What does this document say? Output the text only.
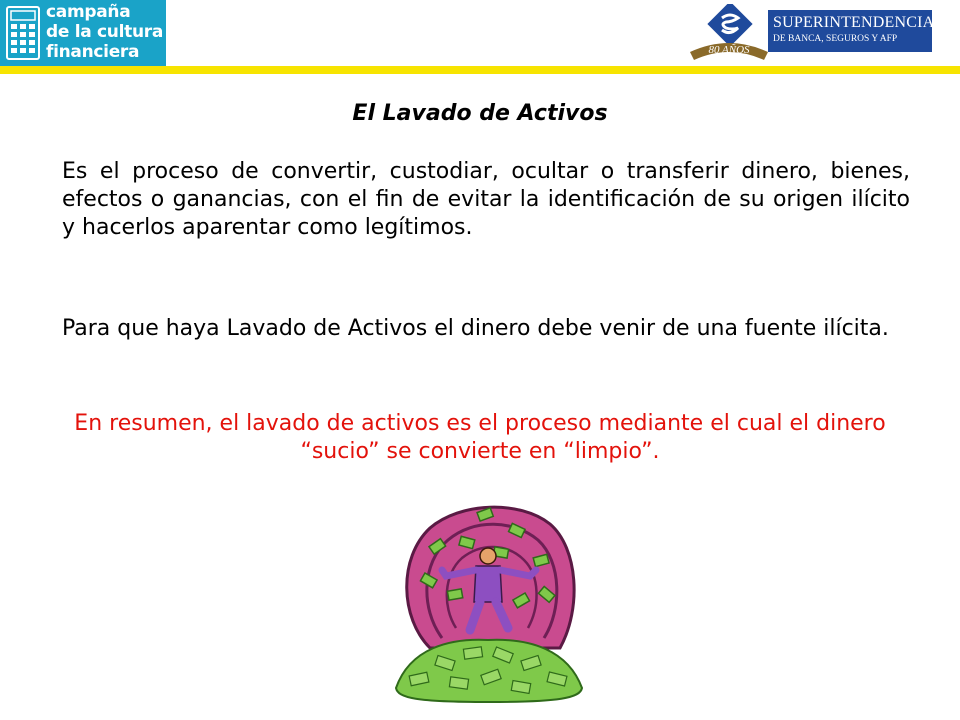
campaña
de la cultura
financiera	80 AÑOS
SUPERINTENDENCIA
DE BANCA, SEGUROS Y AFP
El Lavado de Activos

Es el proceso de convertir, custodiar, ocultar o transferir dinero, bienes, efectos o ganancias, con el fin de evitar la identificación de su origen ilícito y hacerlos aparentar como legítimos.

Para que haya Lavado de Activos el dinero debe venir de una fuente ilícita.

En resumen, el lavado de activos es el proceso mediante el cual el dinero “sucio” se convierte en “limpio”.
